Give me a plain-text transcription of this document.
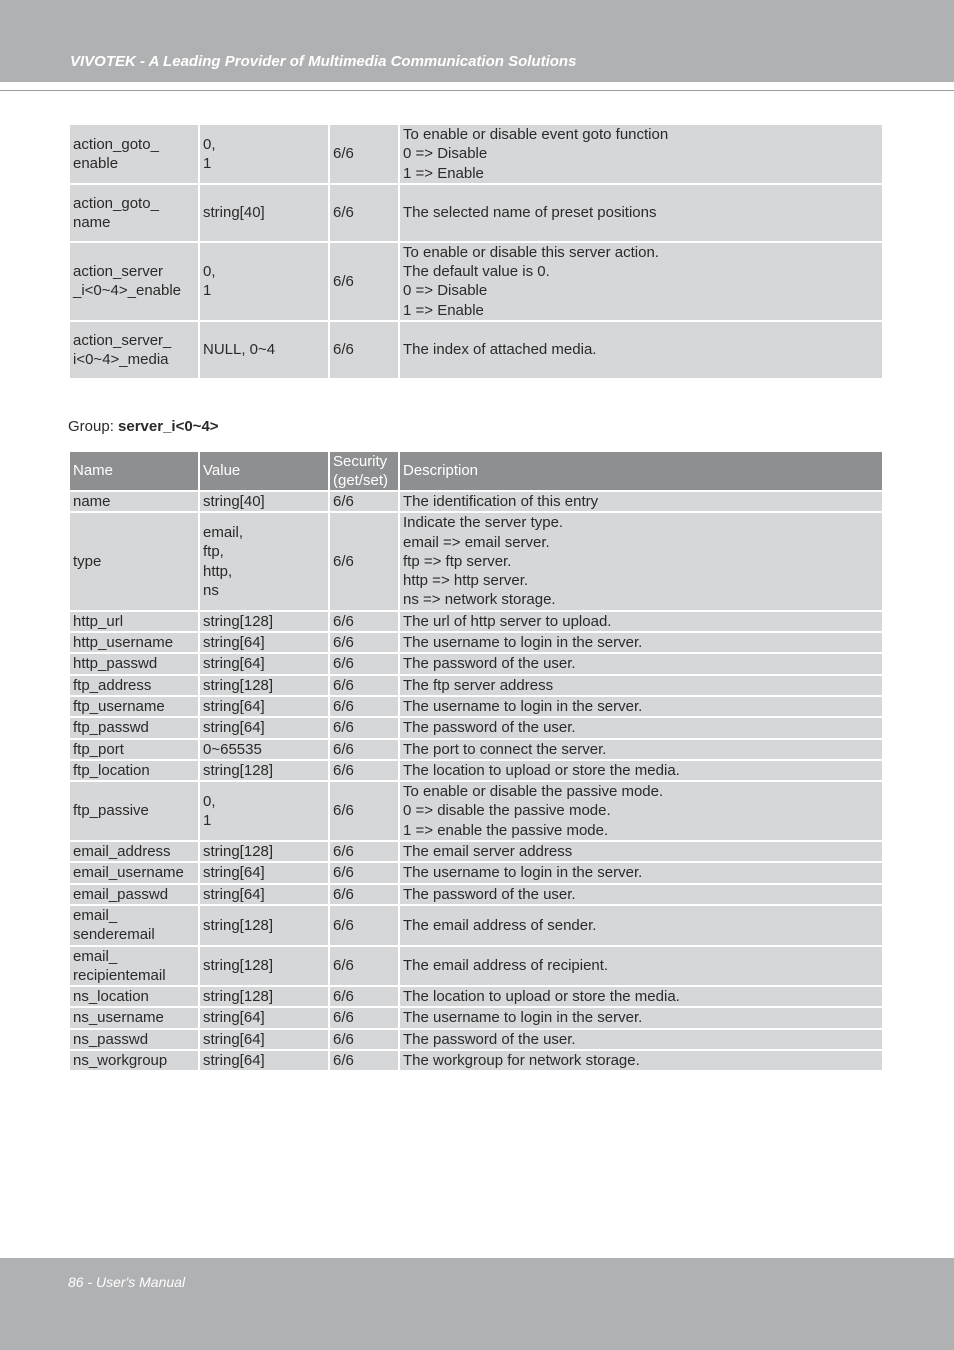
VIVOTEK - A Leading Provider of Multimedia Communication Solutions
action_goto_
enable	0,
1	6/6	To enable or disable event goto function
0 => Disable
1 => Enable
action_goto_
name	string[40]	6/6	The selected name of preset positions
action_server
_i<0~4>_enable	0,
1	6/6	To enable or disable this server action.
The default value is 0.
0 => Disable
1 => Enable
action_server_
i<0~4>_media	NULL, 0~4	6/6	The index of attached media.
Group: server_i<0~4>
Name	Value	Security
(get/set)	Description
name	string[40]	6/6	The identification of this entry
type	email,
ftp,
http,
ns	6/6	Indicate the server type.
email => email server.
ftp => ftp server.
http => http server.
ns => network storage.
http_url	string[128]	6/6	The url of http server to upload.
http_username	string[64]	6/6	The username to login in the server.
http_passwd	string[64]	6/6	The password of the user.
ftp_address	string[128]	6/6	The ftp server address
ftp_username	string[64]	6/6	The username to login in the server.
ftp_passwd	string[64]	6/6	The password of the user.
ftp_port	0~65535	6/6	The port to connect the server.
ftp_location	string[128]	6/6	The location to upload or store the media.
ftp_passive	0,
1	6/6	To enable or disable the passive mode.
0 => disable the passive mode.
1 => enable the passive mode.
email_address	string[128]	6/6	The email server address
email_username	string[64]	6/6	The username to login in the server.
email_passwd	string[64]	6/6	The password of the user.
email_
senderemail	string[128]	6/6	The email address of sender.
email_
recipientemail	string[128]	6/6	The email address of recipient.
ns_location	string[128]	6/6	The location to upload or store the media.
ns_username	string[64]	6/6	The username to login in the server.
ns_passwd	string[64]	6/6	The password of the user.
ns_workgroup	string[64]	6/6	The workgroup for network storage.
86 - User's Manual
